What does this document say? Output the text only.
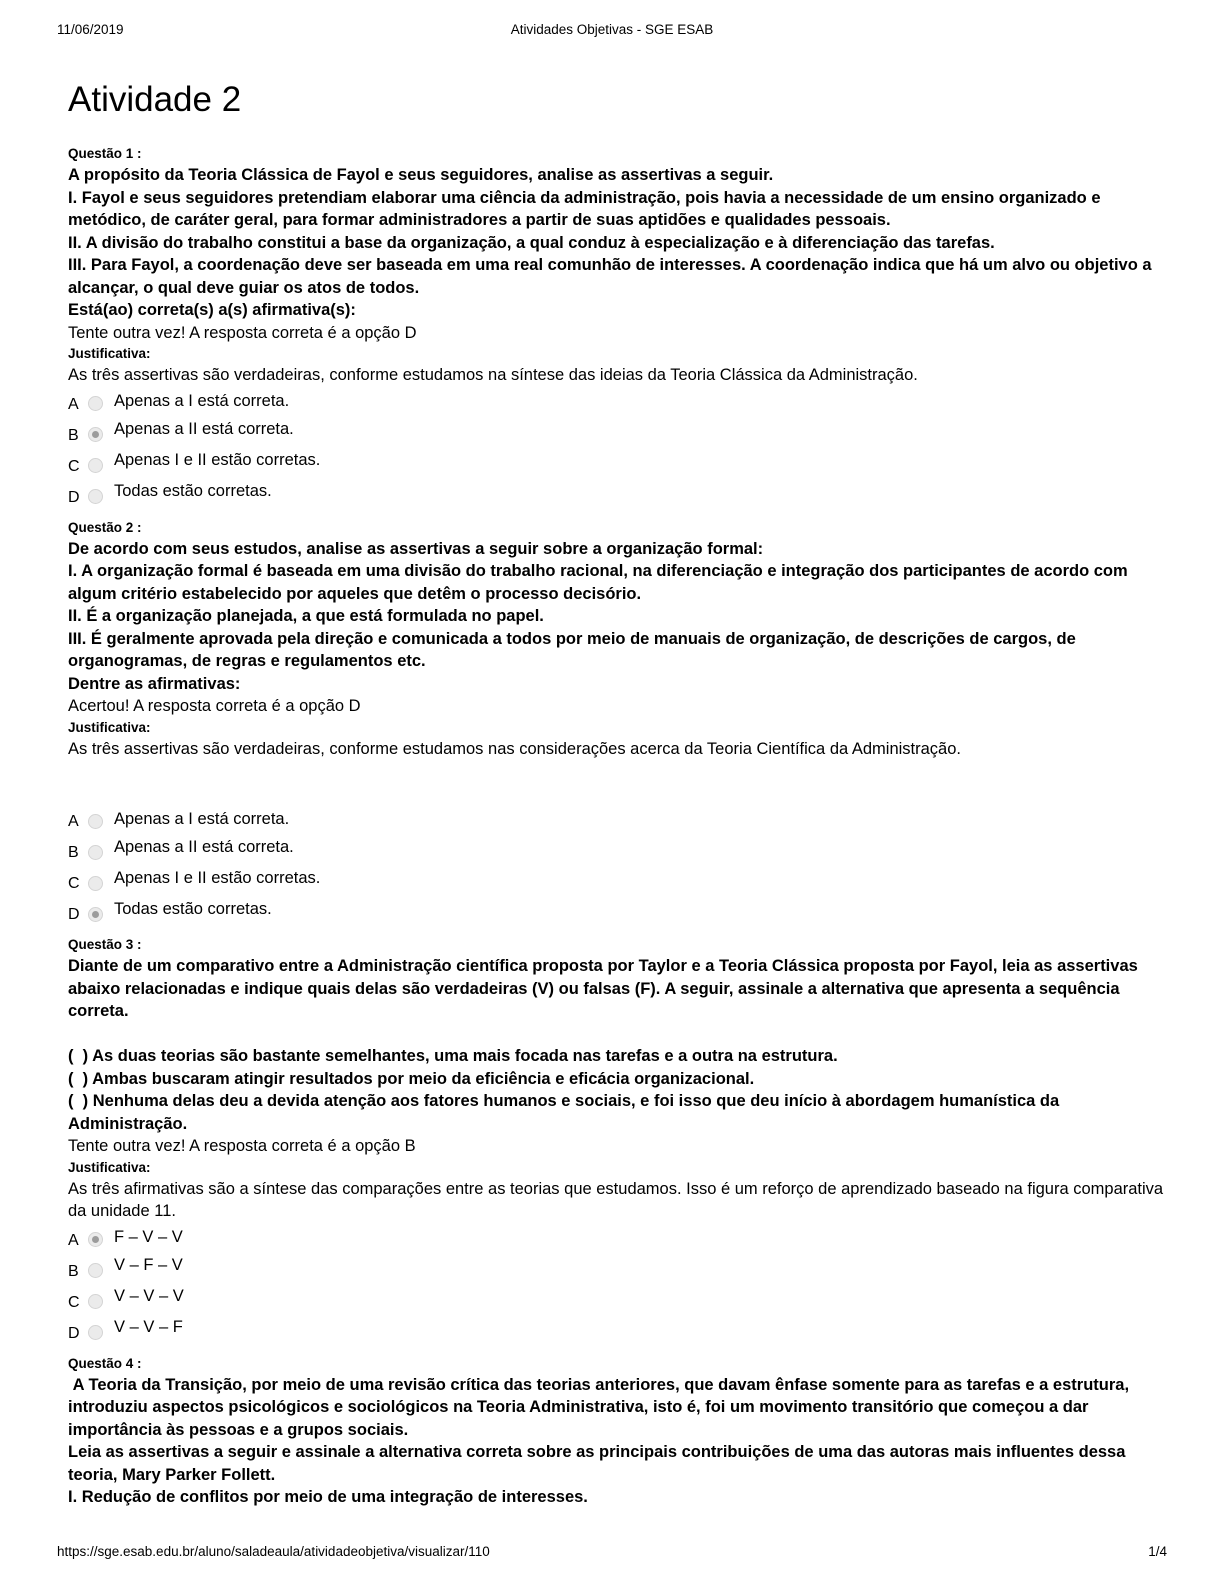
11/06/2019	Atividades Objetivas - SGE ESAB
Atividade 2

Questão 1 :

A propósito da Teoria Clássica de Fayol e seus seguidores, analise as assertivas a seguir.

I. Fayol e seus seguidores pretendiam elaborar uma ciência da administração, pois havia a necessidade de um ensino organizado e metódico, de caráter geral, para formar administradores a partir de suas aptidões e qualidades pessoais.

II. A divisão do trabalho constitui a base da organização, a qual conduz à especialização e à diferenciação das tarefas.

III. Para Fayol, a coordenação deve ser baseada em uma real comunhão de interesses. A coordenação indica que há um alvo ou objetivo a alcançar, o qual deve guiar os atos de todos.

Está(ao) correta(s) a(s) afirmativa(s):

Tente outra vez! A resposta correta é a opção D

Justificativa:

As três assertivas são verdadeiras, conforme estudamos na síntese das ideias da Teoria Clássica da Administração.

A Apenas a I está correta.
B Apenas a II está correta.
C Apenas I e II estão corretas.
D Todas estão corretas.

Questão 2 :

De acordo com seus estudos, analise as assertivas a seguir sobre a organização formal:

I. A organização formal é baseada em uma divisão do trabalho racional, na diferenciação e integração dos participantes de acordo com algum critério estabelecido por aqueles que detêm o processo decisório.

II. É a organização planejada, a que está formulada no papel.

III. É geralmente aprovada pela direção e comunicada a todos por meio de manuais de organização, de descrições de cargos, de organogramas, de regras e regulamentos etc.

Dentre as afirmativas:

Acertou! A resposta correta é a opção D

Justificativa:

As três assertivas são verdadeiras, conforme estudamos nas considerações acerca da Teoria Científica da Administração.

A Apenas a I está correta.
B Apenas a II está correta.
C Apenas I e II estão corretas.
D Todas estão corretas.

Questão 3 :

Diante de um comparativo entre a Administração científica proposta por Taylor e a Teoria Clássica proposta por Fayol, leia as assertivas abaixo relacionadas e indique quais delas são verdadeiras (V) ou falsas (F). A seguir, assinale a alternativa que apresenta a sequência correta.

(  ) As duas teorias são bastante semelhantes, uma mais focada nas tarefas e a outra na estrutura.

(  ) Ambas buscaram atingir resultados por meio da eficiência e eficácia organizacional.

(  ) Nenhuma delas deu a devida atenção aos fatores humanos e sociais, e foi isso que deu início à abordagem humanística da Administração.

Tente outra vez! A resposta correta é a opção B

Justificativa:

As três afirmativas são a síntese das comparações entre as teorias que estudamos. Isso é um reforço de aprendizado baseado na figura comparativa da unidade 11.

A F – V – V
B V – F – V
C V – V – V
D V – V – F

Questão 4 :

A Teoria da Transição, por meio de uma revisão crítica das teorias anteriores, que davam ênfase somente para as tarefas e a estrutura, introduziu aspectos psicológicos e sociológicos na Teoria Administrativa, isto é, foi um movimento transitório que começou a dar importância às pessoas e a grupos sociais.

Leia as assertivas a seguir e assinale a alternativa correta sobre as principais contribuições de uma das autoras mais influentes dessa teoria, Mary Parker Follett.

I. Redução de conflitos por meio de uma integração de interesses.

https://sge.esab.edu.br/aluno/saladeaula/atividadeobjetiva/visualizar/110	1/4
